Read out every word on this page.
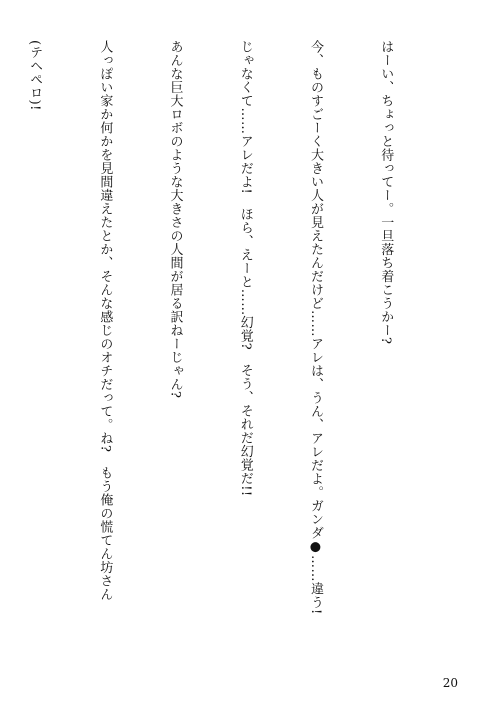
はーい、ちょっと待ってー。一旦落ち着こうかー?

今、ものすごーく大きい人が見えたんだけど……アレは、うん、アレだよ。ガンダ●……違う!

じゃなくて……アレだよ!　ほら、えーと……幻覚?　そう、それだ幻覚だ!!

あんな巨大ロボのような大きさの人間が居る訳ねーじゃん?

人っぽい家か何かを見間違えたとか、そんな感じのオチだって。ね?　もう俺の慌てん坊さん

(テヘペロ)!

20
